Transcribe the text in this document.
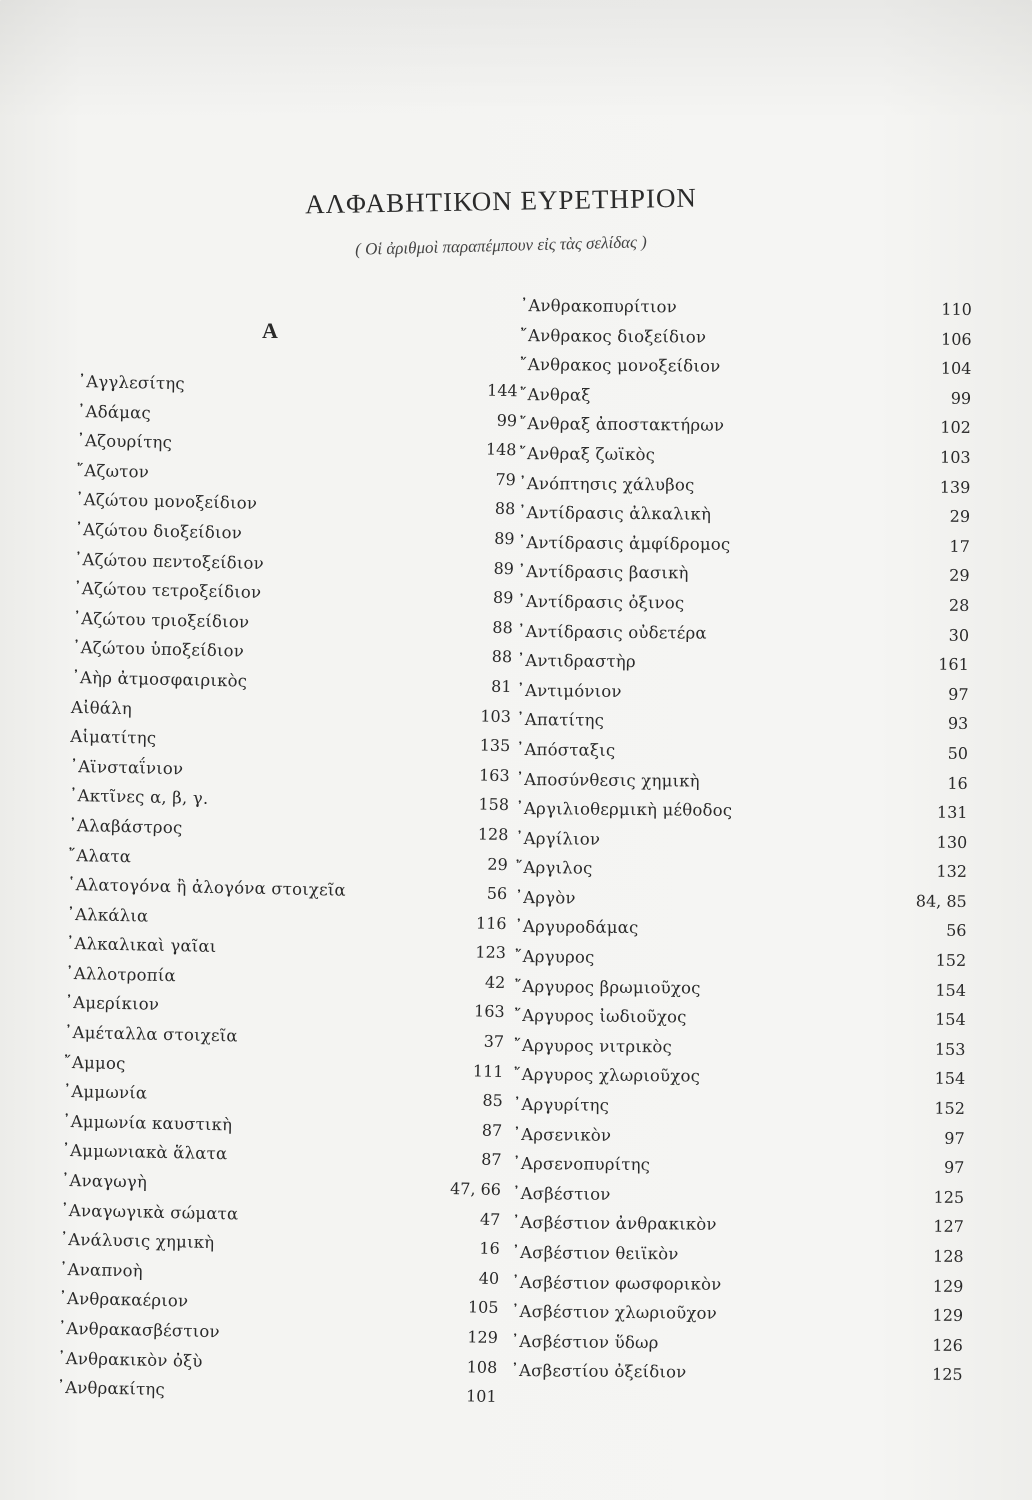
ΑΛΦΑΒΗΤΙΚΟΝ ΕΥΡΕΤΗΡΙΟΝ
( Οἱ ἀριθμοὶ παραπέμπουν εἰς τὰς σελίδας )
Α
᾿Αγγλεσίτης	144
᾿Αδάμας	99
᾿Αζουρίτης	148
῎Αζωτον	79
᾿Αζώτου μονοξείδιον	88
᾿Αζώτου διοξείδιον	89
᾿Αζώτου πεντοξείδιον	89
᾿Αζώτου τετροξείδιον	89
᾿Αζώτου τριοξείδιον	88
᾿Αζώτου ὑποξείδιον	88
᾿Αὴρ ἀτμοσφαιρικὸς	81
Αἰθάλη	103
Αἱματίτης	135
᾿Αϊνσταΐνιον	163
᾿Ακτῖνες α, β, γ.	158
᾿Αλαβάστρος	128
῎Αλατα	29
῾Αλατογόνα ἢ ἀλογόνα στοιχεῖα	56
᾿Αλκάλια	116
᾿Αλκαλικαὶ γαῖαι	123
᾿Αλλοτροπία	42
᾿Αμερίκιον	163
᾿Αμέταλλα στοιχεῖα	37
῎Αμμος	111
᾿Αμμωνία	85
᾿Αμμωνία καυστικὴ	87
᾿Αμμωνιακὰ ἅλατα	87
᾿Αναγωγὴ	47, 66
᾿Αναγωγικὰ σώματα	47
᾿Ανάλυσις χημικὴ	16
᾿Αναπνοὴ	40
᾿Ανθρακαέριον	105
᾿Ανθρακασβέστιον	129
᾿Ανθρακικὸν ὀξὺ	108
᾿Ανθρακίτης	101
᾿Ανθρακοπυρίτιον	110
῎Ανθρακος διοξείδιον	106
῎Ανθρακος μονοξείδιον	104
῎Ανθραξ	99
῎Ανθραξ ἀποστακτήρων	102
῎Ανθραξ ζωϊκὸς	103
᾿Ανόπτησις χάλυβος	139
᾿Αντίδρασις ἀλκαλικὴ	29
᾿Αντίδρασις ἀμφίδρομος	17
᾿Αντίδρασις βασικὴ	29
᾿Αντίδρασις ὀξινος	28
᾿Αντίδρασις οὐδετέρα	30
᾿Αντιδραστὴρ	161
᾿Αντιμόνιον	97
᾿Απατίτης	93
᾿Απόσταξις	50
᾿Αποσύνθεσις χημικὴ	16
᾿Αργιλιοθερμικὴ μέθοδος	131
᾿Αργίλιον	130
῎Αργιλος	132
᾿Αργὸν	84, 85
᾿Αργυροδάμας	56
῎Αργυρος	152
῎Αργυρος βρωμιοῦχος	154
῎Αργυρος ἰωδιοῦχος	154
῎Αργυρος νιτρικὸς	153
῎Αργυρος χλωριοῦχος	154
᾿Αργυρίτης	152
᾿Αρσενικὸν	97
᾿Αρσενοπυρίτης	97
᾿Ασβέστιον	125
᾿Ασβέστιον ἀνθρακικὸν	127
᾿Ασβέστιον θειϊκὸν	128
᾿Ασβέστιον φωσφορικὸν	129
᾿Ασβέστιον χλωριοῦχον	129
᾿Ασβέστιον ὕδωρ	126
᾿Ασβεστίου ὀξείδιον	125
